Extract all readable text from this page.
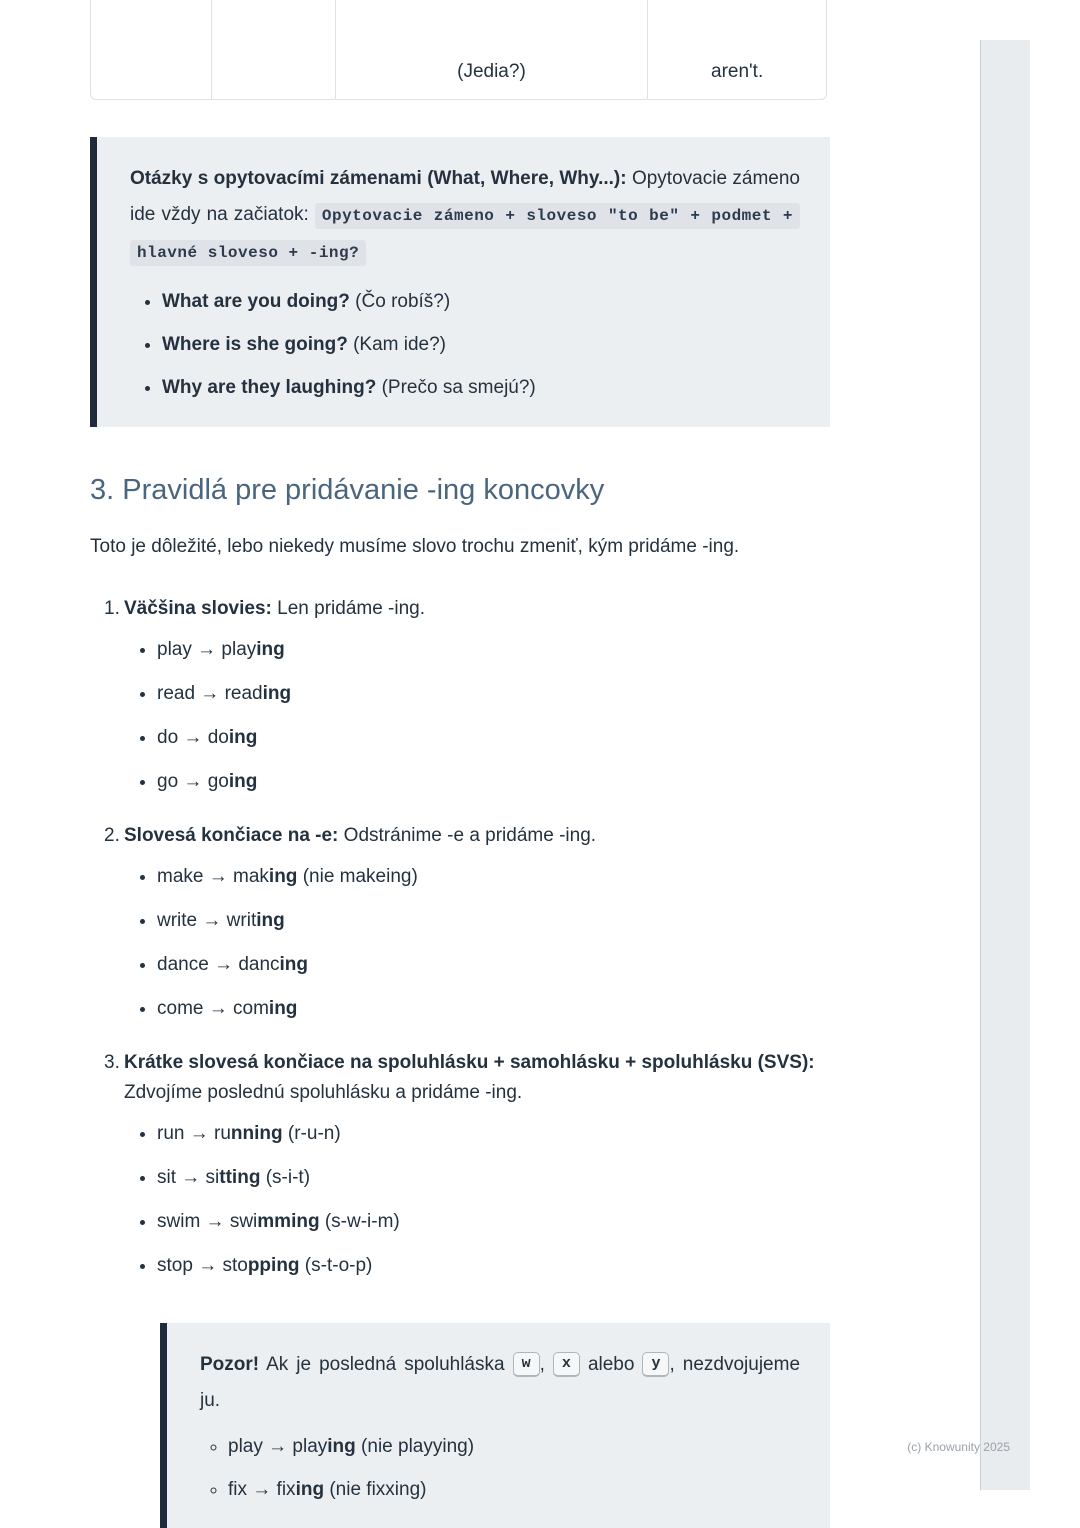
(Jedia?)	aren't.

Otázky s opytovacími zámenami (What, Where, Why...): Opytovacie zámeno ide vždy na začiatok: Opytovacie zámeno + sloveso "to be" + podmet + hlavné sloveso + -ing?

• What are you doing? (Čo robíš?)
• Where is she going? (Kam ide?)
• Why are they laughing? (Prečo sa smejú?)
3. Pravidlá pre pridávanie -ing koncovky

Toto je dôležité, lebo niekedy musíme slovo trochu zmeniť, kým pridáme -ing.

1. Väčšina slovies: Len pridáme -ing.
• play → playing
• read → reading
• do → doing
• go → going
2. Slovesá končiace na -e: Odstránime -e a pridáme -ing.
• make → making (nie makeing)
• write → writing
• dance → dancing
• come → coming
3. Krátke slovesá končiace na spoluhlásku + samohlásku + spoluhlásku (SVS): Zdvojíme poslednú spoluhlásku a pridáme -ing.
• run → running (r-u-n)
• sit → sitting (s-i-t)
• swim → swimming (s-w-i-m)
• stop → stopping (s-t-o-p)

Pozor! Ak je posledná spoluhláska w , x alebo y , nezdvojujeme ju.

◦ play → playing (nie playying)
◦ fix → fixing (nie fixxing)
(c) Knowunity 2025
